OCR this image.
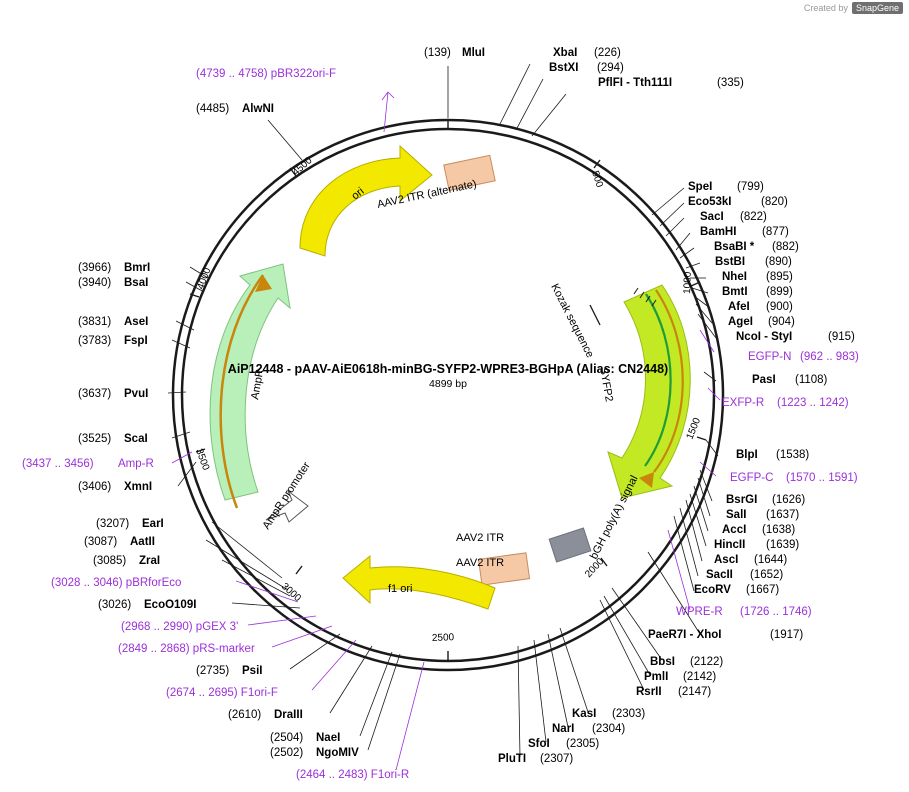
Created by SnapGene
AiP12448 - pAAV-AiE0618h-minBG-SYFP2-WPRE3-BGHpA (Alias: CN2448)
4899 bp
500
1000
1500
2000
2500
3000
3500
4000
4500
ori AAV2 ITR (alternate)
Kozak sequence
SYFP2
bGH poly(A) signal
AAV2 ITR
AAV2 ITR
f1 ori
AmpR promoter
AmpR
(139) MluI	XbaI (226)
BstXI (294)
PflFI - Tth111I	(335)
(4739 .. 4758) pBR322ori-F
(4485) AlwNI
SpeI (799)
Eco53kI	(820)
SacI (822)
BamHI (877)
BsaBI * (882)
BstBI (890)
NheI (895)
BmtI (899)
AfeI (900)
AgeI (904)
NcoI - StyI	(915)
EGFP-N (962 .. 983)
PasI (1108)
EXFP-R (1223 .. 1242)
BlpI (1538)
EGFP-C (1570 .. 1591)
BsrGI (1626)
SalI (1637)
AccI (1638)
HincII (1639)
AscI (1644)
SacII (1652)
EcoRV (1667)
WPRE-R (1726 .. 1746)
PaeR7I - XhoI	(1917)
BbsI (2122)
PmlI (2142)
RsrII (2147)
KasI (2303)
NarI (2304)
SfoI (2305)
PluTI (2307)
(2502) NgoMIV
(2504) NaeI
(2610) DraIII
(2735) PsiI
(3026) EcoO109I
(3085) ZraI
(3087) AatII
(3207) EarI
(2464 .. 2483) F1ori-R
(2674 .. 2695) F1ori-F
(2849 .. 2868) pRS-marker
(2968 .. 2990) pGEX 3'
(3028 .. 3046) pBRforEco
(3406) XmnI
(3437 .. 3456) Amp-R
(3525) ScaI
(3637) PvuI
(3783) FspI
(3831) AseI
(3940) BsaI
(3966) BmrI
